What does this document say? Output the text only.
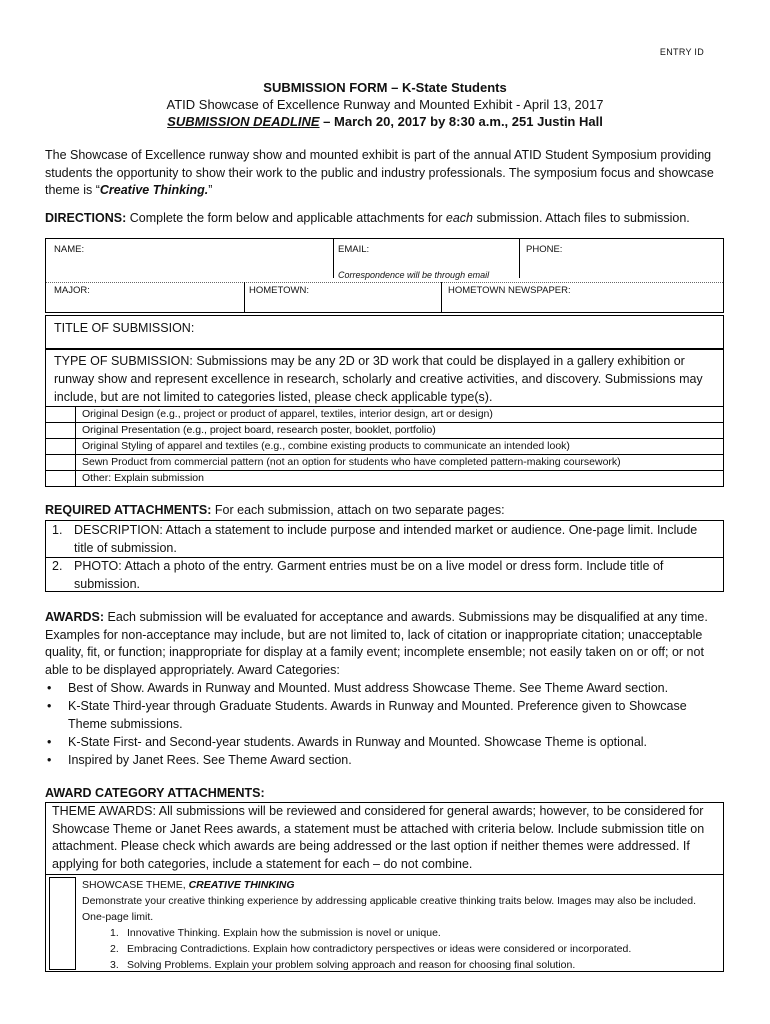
ENTRY ID
SUBMISSION FORM – K-State Students
ATID Showcase of Excellence Runway and Mounted Exhibit - April 13, 2017
SUBMISSION DEADLINE – March 20, 2017 by 8:30 a.m., 251 Justin Hall
The Showcase of Excellence runway show and mounted exhibit is part of the annual ATID Student Symposium providing students the opportunity to show their work to the public and industry professionals. The symposium focus and showcase theme is “Creative Thinking.”
DIRECTIONS: Complete the form below and applicable attachments for each submission. Attach files to submission.
NAME:	EMAIL:	PHONE:
Correspondence will be through email
MAJOR:	HOMETOWN:	HOMETOWN NEWSPAPER:
TITLE OF SUBMISSION:
TYPE OF SUBMISSION: Submissions may be any 2D or 3D work that could be displayed in a gallery exhibition or runway show and represent excellence in research, scholarly and creative activities, and discovery. Submissions may include, but are not limited to categories listed, please check applicable type(s).
Original Design (e.g., project or product of apparel, textiles, interior design, art or design)
Original Presentation (e.g., project board, research poster, booklet, portfolio)
Original Styling of apparel and textiles (e.g., combine existing products to communicate an intended look)
Sewn Product from commercial pattern (not an option for students who have completed pattern-making coursework)
Other: Explain submission
REQUIRED ATTACHMENTS: For each submission, attach on two separate pages:
1. DESCRIPTION: Attach a statement to include purpose and intended market or audience. One-page limit. Include title of submission.
2. PHOTO: Attach a photo of the entry. Garment entries must be on a live model or dress form. Include title of submission.
AWARDS: Each submission will be evaluated for acceptance and awards. Submissions may be disqualified at any time. Examples for non-acceptance may include, but are not limited to, lack of citation or inappropriate citation; unacceptable quality, fit, or function; inappropriate for display at a family event; incomplete ensemble; not easily taken on or off; or not able to be displayed appropriately. Award Categories:
• Best of Show. Awards in Runway and Mounted. Must address Showcase Theme. See Theme Award section.
• K-State Third-year through Graduate Students. Awards in Runway and Mounted. Preference given to Showcase Theme submissions.
• K-State First- and Second-year students. Awards in Runway and Mounted. Showcase Theme is optional.
• Inspired by Janet Rees. See Theme Award section.
AWARD CATEGORY ATTACHMENTS:
THEME AWARDS: All submissions will be reviewed and considered for general awards; however, to be considered for Showcase Theme or Janet Rees awards, a statement must be attached with criteria below. Include submission title on attachment. Please check which awards are being addressed or the last option if neither themes were addressed. If applying for both categories, include a statement for each – do not combine.
SHOWCASE THEME, CREATIVE THINKING
Demonstrate your creative thinking experience by addressing applicable creative thinking traits below. Images may also be included. One-page limit.
1. Innovative Thinking. Explain how the submission is novel or unique.
2. Embracing Contradictions. Explain how contradictory perspectives or ideas were considered or incorporated.
3. Solving Problems. Explain your problem solving approach and reason for choosing final solution.
